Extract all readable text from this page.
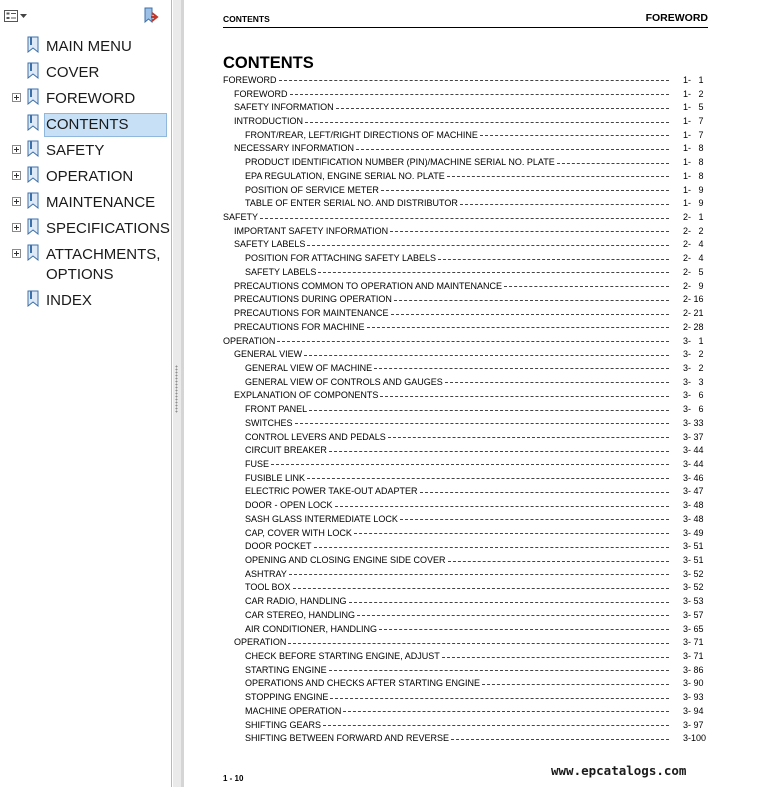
MAIN MENU
COVER
FOREWORD
CONTENTS
SAFETY
OPERATION
MAINTENANCE
SPECIFICATIONS
ATTACHMENTS,
OPTIONS
INDEX
CONTENTS	FOREWORD
CONTENTS
FOREWORD	1-   1
FOREWORD	1-   2
SAFETY INFORMATION	1-   5
INTRODUCTION	1-   7
FRONT/REAR, LEFT/RIGHT DIRECTIONS OF MACHINE	1-   7
NECESSARY INFORMATION	1-   8
PRODUCT IDENTIFICATION NUMBER (PIN)/MACHINE SERIAL NO. PLATE	1-   8
EPA REGULATION, ENGINE SERIAL NO. PLATE	1-   8
POSITION OF SERVICE METER	1-   9
TABLE OF ENTER SERIAL NO. AND DISTRIBUTOR	1-   9
SAFETY	2-   1
IMPORTANT SAFETY INFORMATION	2-   2
SAFETY LABELS	2-   4
POSITION FOR ATTACHING SAFETY LABELS	2-   4
SAFETY LABELS	2-   5
PRECAUTIONS COMMON TO OPERATION AND MAINTENANCE	2-   9
PRECAUTIONS DURING OPERATION	2- 16
PRECAUTIONS FOR MAINTENANCE	2- 21
PRECAUTIONS FOR MACHINE	2- 28
OPERATION	3-   1
GENERAL VIEW	3-   2
GENERAL VIEW OF MACHINE	3-   2
GENERAL VIEW OF CONTROLS AND GAUGES	3-   3
EXPLANATION OF COMPONENTS	3-   6
FRONT PANEL	3-   6
SWITCHES	3- 33
CONTROL LEVERS AND PEDALS	3- 37
CIRCUIT BREAKER	3- 44
FUSE	3- 44
FUSIBLE LINK	3- 46
ELECTRIC POWER TAKE-OUT ADAPTER	3- 47
DOOR - OPEN LOCK	3- 48
SASH GLASS INTERMEDIATE LOCK	3- 48
CAP, COVER WITH LOCK	3- 49
DOOR POCKET	3- 51
OPENING AND CLOSING ENGINE SIDE COVER	3- 51
ASHTRAY	3- 52
TOOL BOX	3- 52
CAR RADIO, HANDLING	3- 53
CAR STEREO, HANDLING	3- 57
AIR CONDITIONER, HANDLING	3- 65
OPERATION	3- 71
CHECK BEFORE STARTING ENGINE, ADJUST	3- 71
STARTING ENGINE	3- 86
OPERATIONS AND CHECKS AFTER STARTING ENGINE	3- 90
STOPPING ENGINE	3- 93
MACHINE OPERATION	3- 94
SHIFTING GEARS	3- 97
SHIFTING BETWEEN FORWARD AND REVERSE	3-100
1 - 10
www.epcatalogs.com
